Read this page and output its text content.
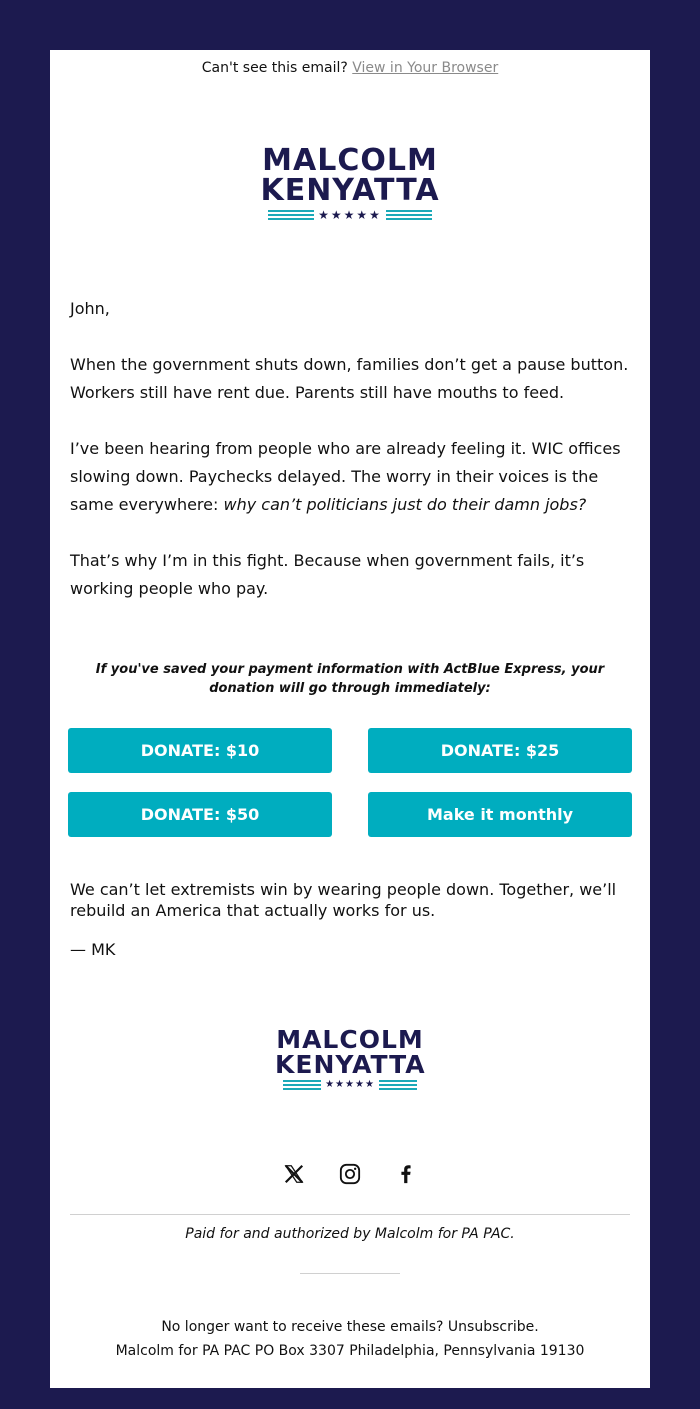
Can't see this email? View in Your Browser

MALCOLM
KENYATTA
★★★★★

John,

When the government shuts down, families don’t get a pause button. Workers still have rent due. Parents still have mouths to feed.

I’ve been hearing from people who are already feeling it. WIC offices slowing down. Paychecks delayed. The worry in their voices is the same everywhere: why can’t politicians just do their damn jobs?

That’s why I’m in this fight. Because when government fails, it’s working people who pay.

If you've saved your payment information with ActBlue Express, your donation will go through immediately:

DONATE: $10	DONATE: $25
DONATE: $50	Make it monthly

We can’t let extremists win by wearing people down. Together, we’ll rebuild an America that actually works for us.

— MK

MALCOLM
KENYATTA
★★★★★

Paid for and authorized by Malcolm for PA PAC.

No longer want to receive these emails? Unsubscribe.

Malcolm for PA PAC PO Box 3307 Philadelphia, Pennsylvania 19130
